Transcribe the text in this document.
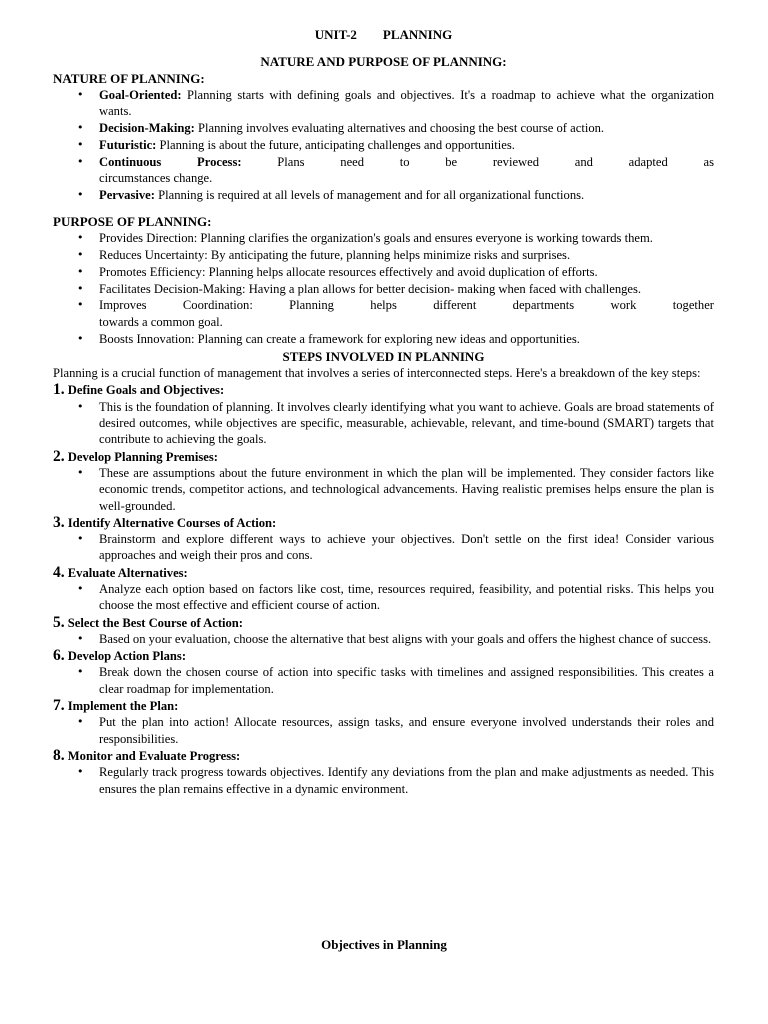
UNIT-2 PLANNING

NATURE AND PURPOSE OF PLANNING:

NATURE OF PLANNING:

• Goal-Oriented: Planning starts with defining goals and objectives. It's a roadmap to achieve what the organization wants.
• Decision-Making: Planning involves evaluating alternatives and choosing the best course of action.
• Futuristic: Planning is about the future, anticipating challenges and opportunities.
• Continuous Process:	Plans need to be reviewed and adapted as
circumstances change.
• Pervasive: Planning is required at all levels of management and for all organizational functions.

PURPOSE OF PLANNING:

• Provides Direction: Planning clarifies the organization's goals and ensures everyone is working towards them.
• Reduces Uncertainty: By anticipating the future, planning helps minimize risks and surprises.
• Promotes Efficiency: Planning helps allocate resources effectively and avoid duplication of efforts.
• Facilitates Decision-Making: Having a plan allows for better decision- making when faced with challenges.
• Improves Coordination: Planning helps different departments work together
towards a common goal.
• Boosts Innovation: Planning can create a framework for exploring new ideas and opportunities.

STEPS INVOLVED IN PLANNING

Planning is a crucial function of management that involves a series of interconnected steps. Here's a breakdown of the key steps:

1. Define Goals and Objectives:

• This is the foundation of planning. It involves clearly identifying what you want to achieve. Goals are broad statements of desired outcomes, while objectives are specific, measurable, achievable, relevant, and time-bound (SMART) targets that contribute to achieving the goals.

2. Develop Planning Premises:

• These are assumptions about the future environment in which the plan will be implemented. They consider factors like economic trends, competitor actions, and technological advancements. Having realistic premises helps ensure the plan is well-grounded.

3. Identify Alternative Courses of Action:

• Brainstorm and explore different ways to achieve your objectives. Don't settle on the first idea! Consider various approaches and weigh their pros and cons.

4. Evaluate Alternatives:

• Analyze each option based on factors like cost, time, resources required, feasibility, and potential risks. This helps you choose the most effective and efficient course of action.

5. Select the Best Course of Action:

• Based on your evaluation, choose the alternative that best aligns with your goals and offers the highest chance of success.

6. Develop Action Plans:

• Break down the chosen course of action into specific tasks with timelines and assigned responsibilities. This creates a clear roadmap for implementation.

7. Implement the Plan:

• Put the plan into action! Allocate resources, assign tasks, and ensure everyone involved understands their roles and responsibilities.

8. Monitor and Evaluate Progress:

• Regularly track progress towards objectives. Identify any deviations from the plan and make adjustments as needed. This ensures the plan remains effective in a dynamic environment.

Objectives in Planning
